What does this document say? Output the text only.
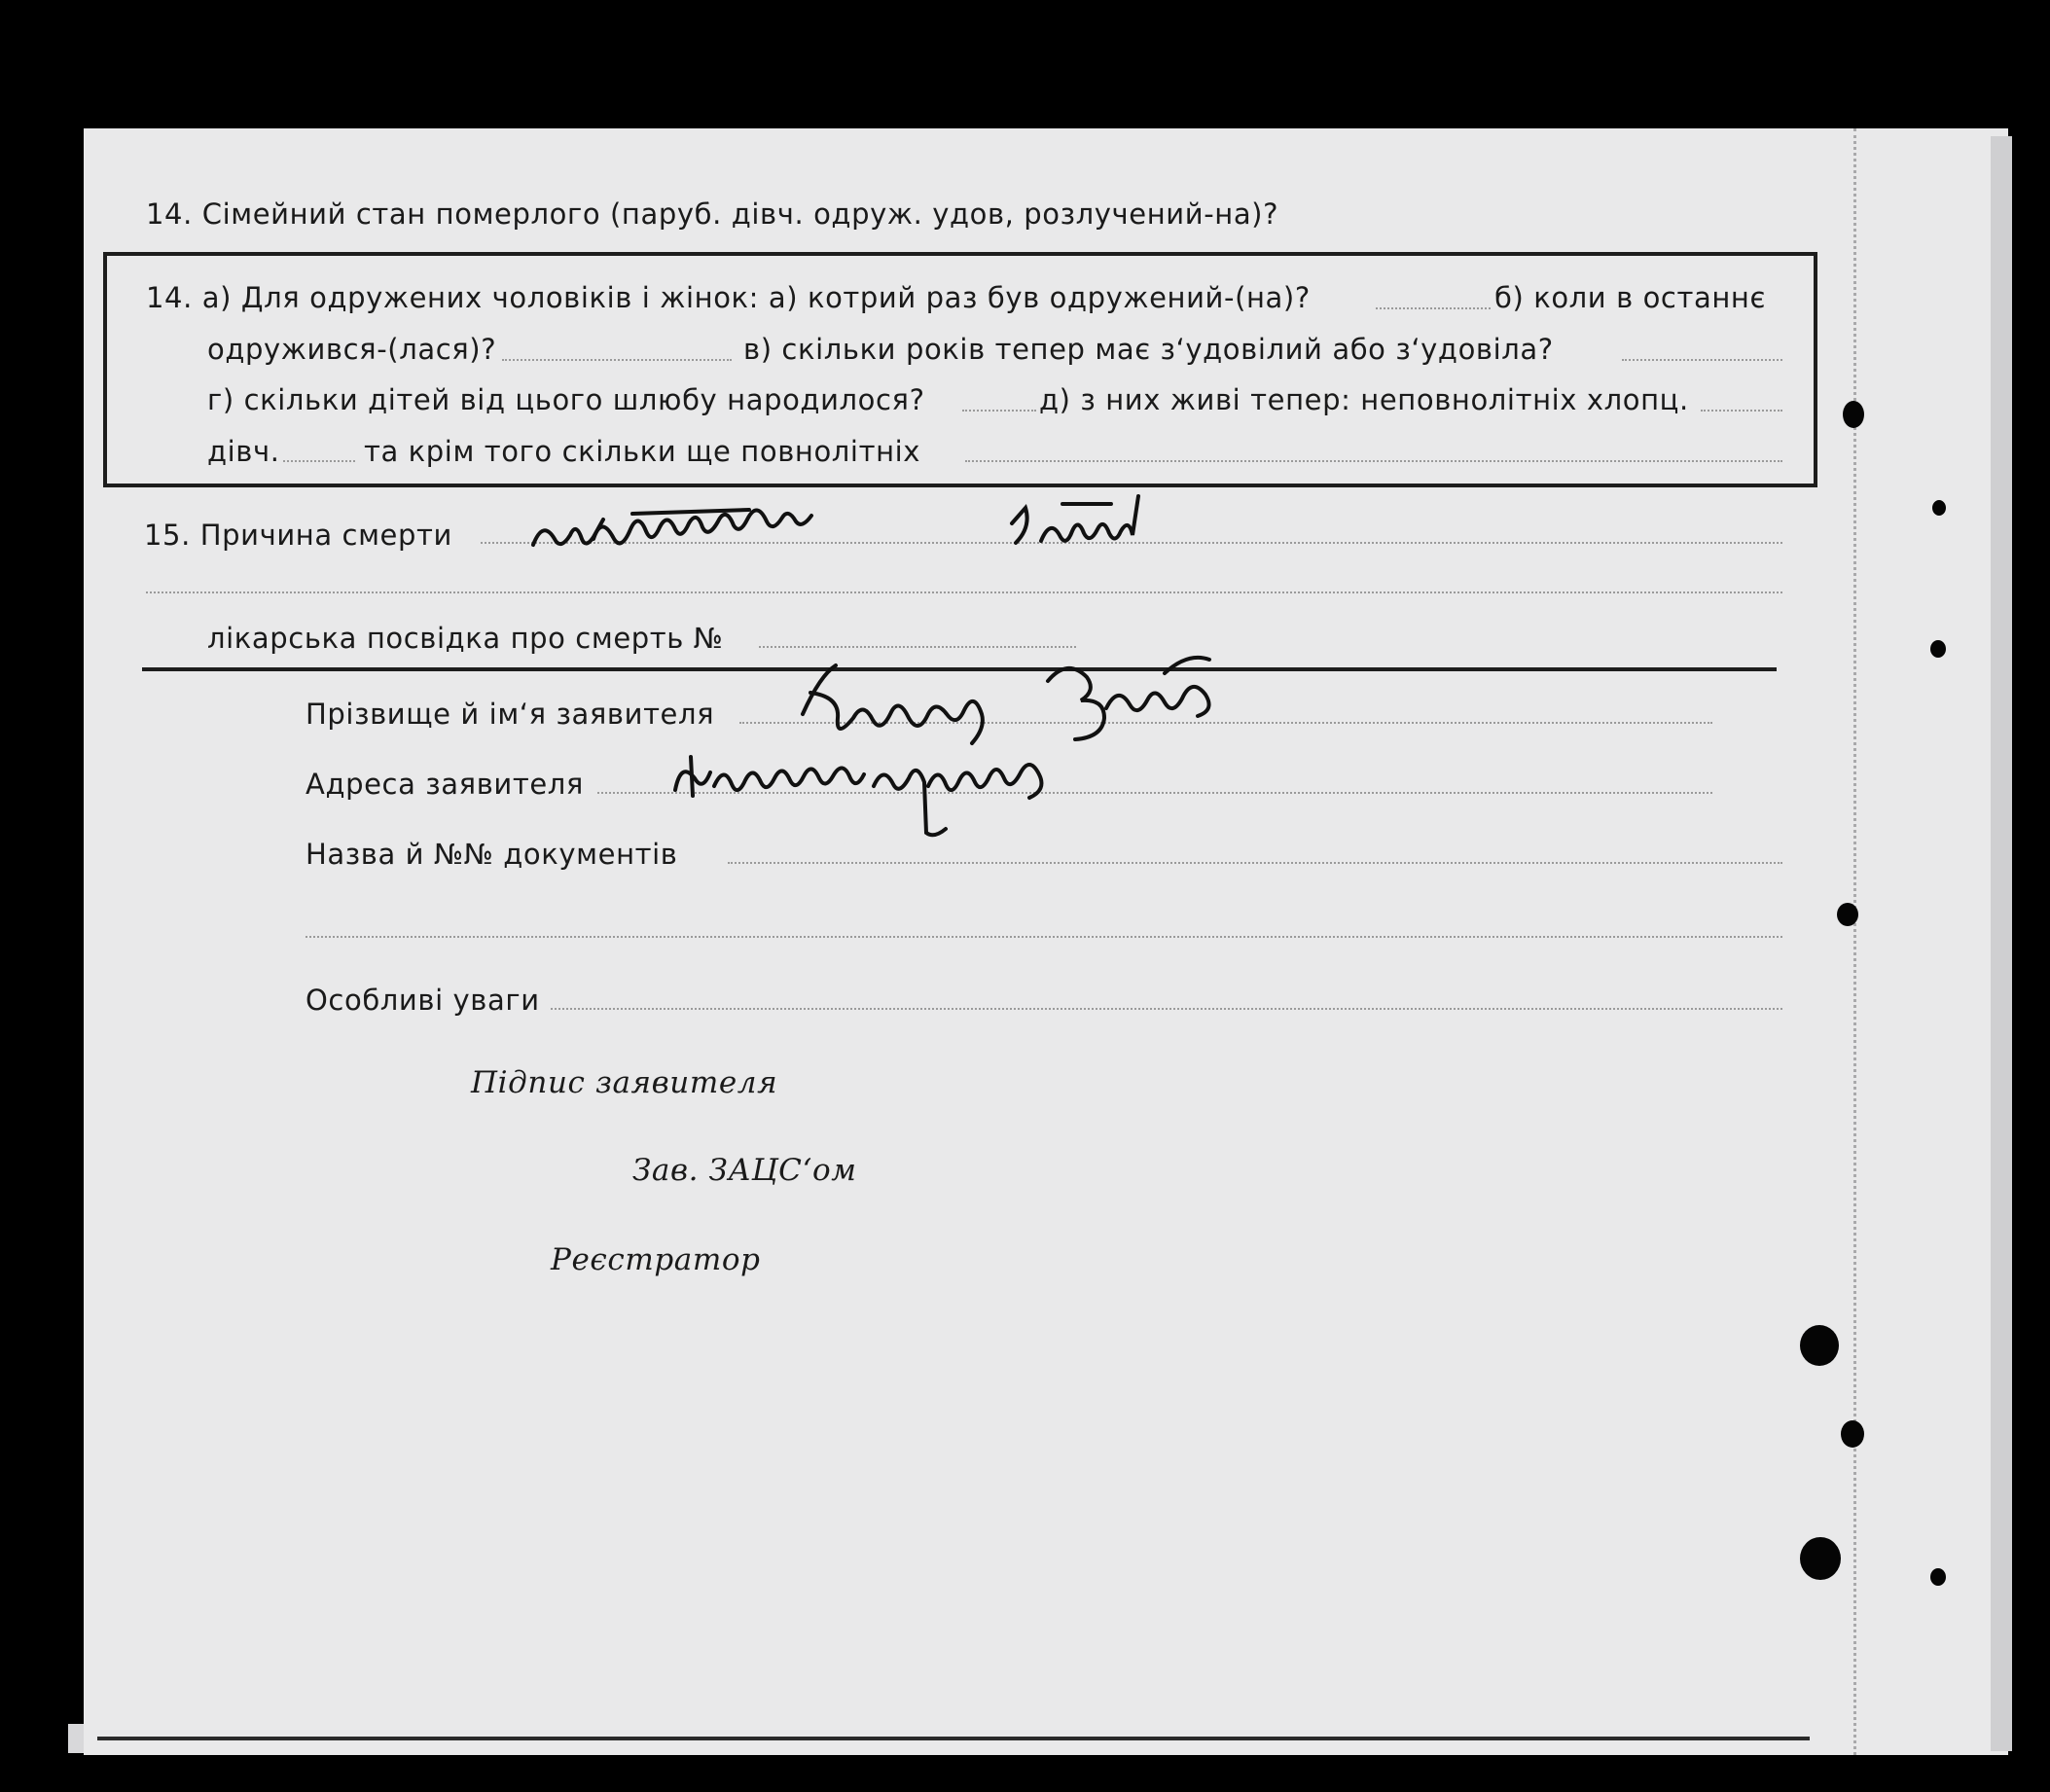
14. Сімейний стан померлого (паруб. дівч. одруж. удов, розлучений-на)?
14. а) Для одружених чоловіків і жінок: а) котрий раз був одружений-(на)?	б) коли в останнє
одружився-(лася)?	в) скільки років тепер має з‘удовілий або з‘удовіла?
г) скільки дітей від цього шлюбу народилося?	д) з них живі тепер: неповнолітніх хлопц.
дівч.	та крім того скільки ще повнолітніх
15. Причина смерти
лікарська посвідка про смерть №
Прізвище й ім‘я заявителя
Адреса заявителя
Назва й №№ документів
Особливі уваги
Підпис заявителя
Зав. ЗАЦС‘ом
Реєстратор
